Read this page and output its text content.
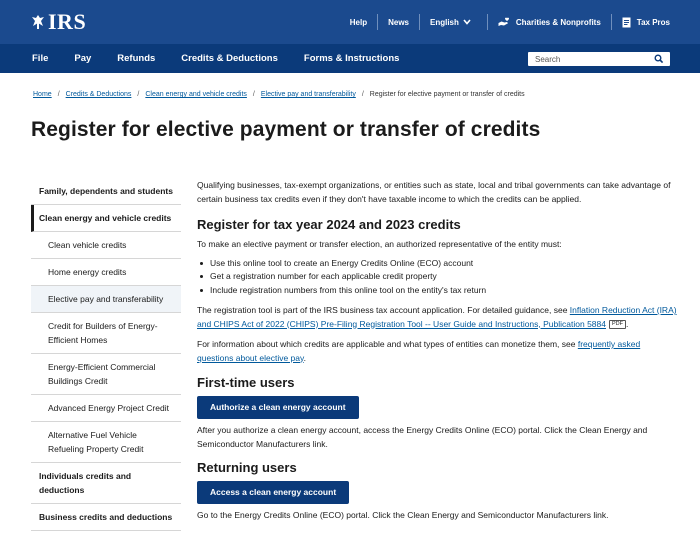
IRS	Help	News	English	Charities & Nonprofits	Tax Pros
File	Pay	Refunds	Credits & Deductions	Forms & Instructions
Search
Home / Credits & Deductions / Clean energy and vehicle credits / Elective pay and transferability / Register for elective payment or transfer of credits
Register for elective payment or transfer of credits
Family, dependents and students
Clean energy and vehicle credits
Clean vehicle credits
Home energy credits
Elective pay and transferability
Credit for Builders of Energy-Efficient Homes
Energy-Efficient Commercial Buildings Credit
Advanced Energy Project Credit
Alternative Fuel Vehicle Refueling Property Credit
Individuals credits and deductions
Business credits and deductions

Qualifying businesses, tax-exempt organizations, or entities such as state, local and tribal governments can take advantage of certain business tax credits even if they don't have taxable income to which the credits can be applied.

Register for tax year 2024 and 2023 credits

To make an elective payment or transfer election, an authorized representative of the entity must:

Use this online tool to create an Energy Credits Online (ECO) account
Get a registration number for each applicable credit property
Include registration numbers from this online tool on the entity's tax return

The registration tool is part of the IRS business tax account application. For detailed guidance, see Inflation Reduction Act (IRA) and CHIPS Act of 2022 (CHIPS) Pre-Filing Registration Tool -- User Guide and Instructions, Publication 5884 PDF .

For information about which credits are applicable and what types of entities can monetize them, see frequently asked questions about elective pay.

First-time users
Authorize a clean energy account

After you authorize a clean energy account, access the Energy Credits Online (ECO) portal. Click the Clean Energy and Semiconductor Manufacturers link.

Returning users
Access a clean energy account

Go to the Energy Credits Online (ECO) portal. Click the Clean Energy and Semiconductor Manufacturers link.
